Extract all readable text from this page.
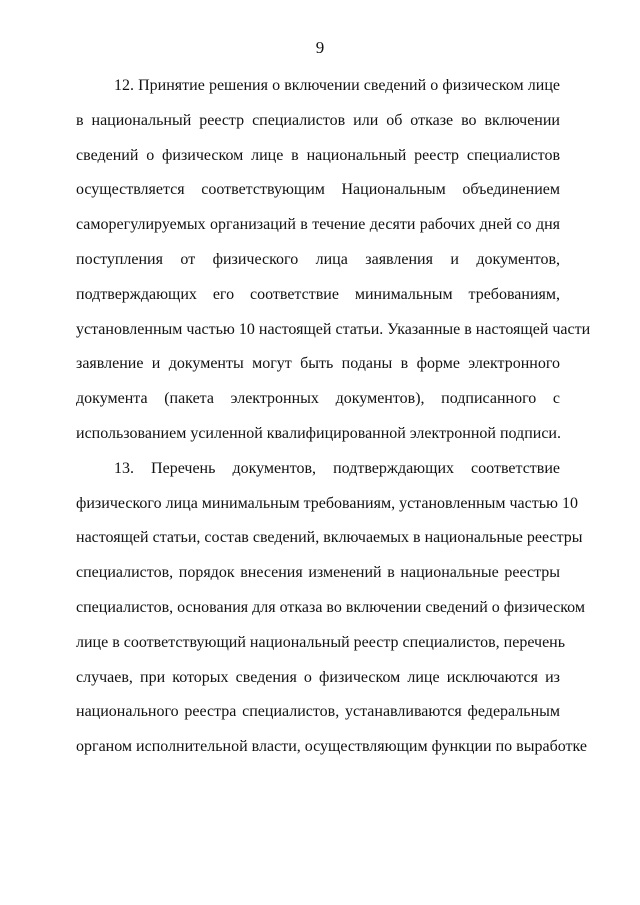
9
12. Принятие решения о включении сведений о физическом лице
в национальный реестр специалистов или об отказе во включении
сведений о физическом лице в национальный реестр специалистов
осуществляется соответствующим Национальным объединением
саморегулируемых организаций в течение десяти рабочих дней со дня
поступления от физического лица заявления и документов,
подтверждающих его соответствие минимальным требованиям,
установленным частью 10 настоящей статьи. Указанные в настоящей части
заявление и документы могут быть поданы в форме электронного
документа (пакета электронных документов), подписанного с
использованием усиленной квалифицированной электронной подписи.
13. Перечень документов, подтверждающих соответствие
физического лица минимальным требованиям, установленным частью 10
настоящей статьи, состав сведений, включаемых в национальные реестры
специалистов, порядок внесения изменений в национальные реестры
специалистов, основания для отказа во включении сведений о физическом
лице в соответствующий национальный реестр специалистов, перечень
случаев, при которых сведения о физическом лице исключаются из
национального реестра специалистов, устанавливаются федеральным
органом исполнительной власти, осуществляющим функции по выработке
